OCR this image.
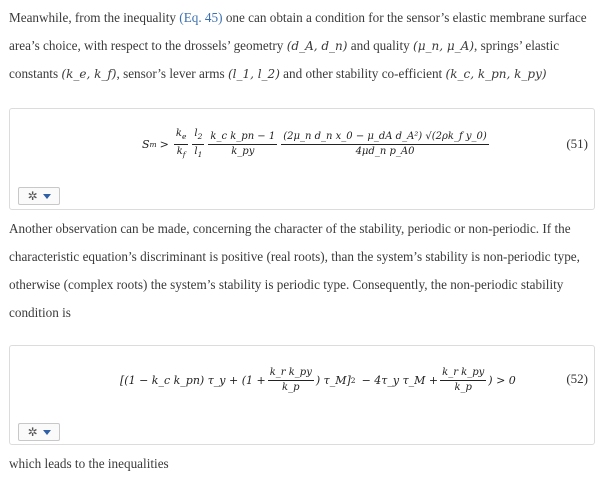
Meanwhile, from the inequality (Eq. 45) one can obtain a condition for the sensor’s elastic membrane surface area’s choice, with respect to the drossels’ geometry (d_A, d_n) and quality (μ_n, μ_A), springs’ elastic constants (k_e, k_f), sensor’s lever arms (l_1, l_2) and other stability co-efficient (k_c, k_pn, k_py)

S $m > \frac{k_e}{k_f} \frac{l_2}{l_1} \frac{\text{k\_c k\_pn − 1}}{k\_py} \frac{\text{(2μ\_n d\_n x\_0 − μ\_dA d\_A²) √(2ρk\_f y\_0)}}{\text{4μd\_n p\_A0}}$	(51)
✲

Another observation can be made, concerning the character of the stability, periodic or non-periodic. If the characteristic equation’s discriminant is positive (real roots), than the system’s stability is non-periodic type, otherwise (complex roots) the system’s stability is periodic type. Consequently, the non-periodic stability condition is

[(1 − k_c k_pn) τ_y + ($1 + \frac{\text{k\_r k\_py}}{k\_p}$ ) τ_M] 2 − 4τ_y τ_M + $\frac{\text{k\_r k\_py}}{k\_p}$ ) > 0	(52)
✲

which leads to the inequalities
